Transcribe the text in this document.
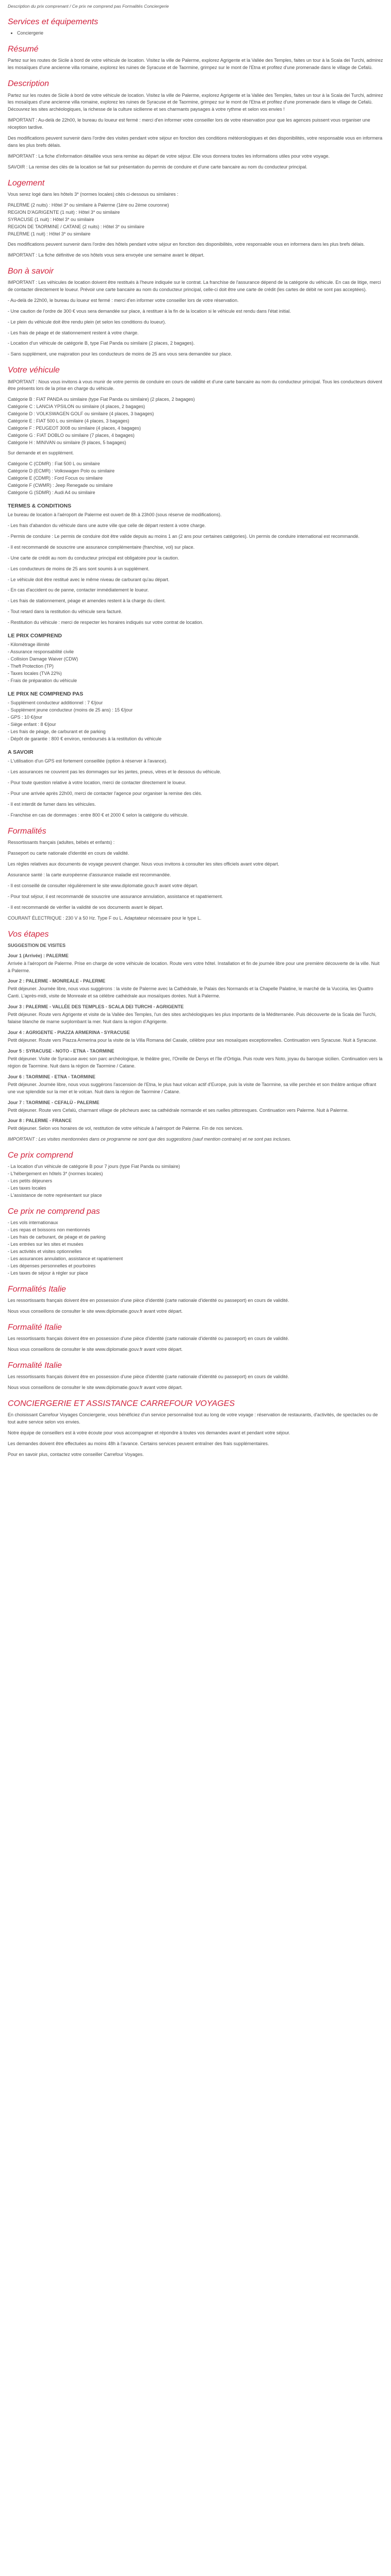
Description du prix comprenant / Ce prix ne comprend pas Formalités Conciergerie

Services et équipements
• Conciergerie
Résumé

Partez sur les routes de Sicile à bord de votre véhicule de location. Visitez la ville de Palerme, explorez Agrigente et la Vallée des Temples, faites un tour à la Scala dei Turchi, admirez les mosaïques d'une ancienne villa romaine, explorez les ruines de Syracuse et de Taormine, grimpez sur le mont de l'Etna et profitez d'une promenade dans le village de Cefalù.

Description

Partez sur les routes de Sicile à bord de votre véhicule de location. Visitez la ville de Palerme, explorez Agrigente et la Vallée des Temples, faites un tour à la Scala dei Turchi, admirez les mosaïques d'une ancienne villa romaine, explorez les ruines de Syracuse et de Taormine, grimpez sur le mont de l'Etna et profitez d'une promenade dans le village de Cefalù. Découvrez les sites archéologiques, la richesse de la culture sicilienne et ses charmants paysages à votre rythme et selon vos envies !

IMPORTANT : Au-delà de 22h00, le bureau du loueur est fermé : merci d'en informer votre conseiller lors de votre réservation pour que les agences puissent vous organiser une réception tardive.

Des modifications peuvent survenir dans l'ordre des visites pendant votre séjour en fonction des conditions météorologiques et des disponibilités, votre responsable vous en informera dans les plus brefs délais.

IMPORTANT : La fiche d'information détaillée vous sera remise au départ de votre séjour. Elle vous donnera toutes les informations utiles pour votre voyage.

SAVOIR : La remise des clés de la location se fait sur présentation du permis de conduire et d'une carte bancaire au nom du conducteur principal.

Logement

Vous serez logé dans les hôtels 3* (normes locales) cités ci-dessous ou similaires :

PALERME (2 nuits) : Hôtel 3* ou similaire à Palerme (1ère ou 2ème couronne)
REGION D'AGRIGENTE (1 nuit) : Hôtel 3* ou similaire
SYRACUSE (1 nuit) : Hôtel 3* ou similaire
REGION DE TAORMINE / CATANE (2 nuits) : Hôtel 3* ou similaire
PALERME (1 nuit) : Hôtel 3* ou similaire

Des modifications peuvent survenir dans l'ordre des hôtels pendant votre séjour en fonction des disponibilités, votre responsable vous en informera dans les plus brefs délais.

IMPORTANT : La fiche définitive de vos hôtels vous sera envoyée une semaine avant le départ.

Bon à savoir

IMPORTANT : Les véhicules de location doivent être restitués à l'heure indiquée sur le contrat. La franchise de l'assurance dépend de la catégorie du véhicule. En cas de litige, merci de contacter directement le loueur. Prévoir une carte bancaire au nom du conducteur principal, celle-ci doit être une carte de crédit (les cartes de débit ne sont pas acceptées).

- Au-delà de 22h00, le bureau du loueur est fermé : merci d'en informer votre conseiller lors de votre réservation.

- Une caution de l'ordre de 300 € vous sera demandée sur place, à restituer à la fin de la location si le véhicule est rendu dans l'état initial.

- Le plein du véhicule doit être rendu plein (et selon les conditions du loueur).

- Les frais de péage et de stationnement restent à votre charge.

- Location d'un véhicule de catégorie B, type Fiat Panda ou similaire (2 places, 2 bagages).

- Sans supplément, une majoration pour les conducteurs de moins de 25 ans vous sera demandée sur place.

Votre véhicule

IMPORTANT : Nous vous invitons à vous munir de votre permis de conduire en cours de validité et d'une carte bancaire au nom du conducteur principal. Tous les conducteurs doivent être présents lors de la prise en charge du véhicule.

Catégorie B : FIAT PANDA ou similaire (type Fiat Panda ou similaire) (2 places, 2 bagages)
Catégorie C : LANCIA YPSILON ou similaire (4 places, 2 bagages)
Catégorie D : VOLKSWAGEN GOLF ou similaire (4 places, 3 bagages)
Catégorie E : FIAT 500 L ou similaire (4 places, 3 bagages)
Catégorie F : PEUGEOT 3008 ou similaire (4 places, 4 bagages)
Catégorie G : FIAT DOBLO ou similaire (7 places, 4 bagages)
Catégorie H : MINIVAN ou similaire (9 places, 5 bagages)

Sur demande et en supplément.

Catégorie C (CDMR) : Fiat 500 L ou similaire
Catégorie D (ECMR) : Volkswagen Polo ou similaire
Catégorie E (CDMR) : Ford Focus ou similaire
Catégorie F (CWMR) : Jeep Renegade ou similaire
Catégorie G (SDMR) : Audi A4 ou similaire
TERMES & CONDITIONS

Le bureau de location à l'aéroport de Palerme est ouvert de 8h à 23h00 (sous réserve de modifications).

- Les frais d'abandon du véhicule dans une autre ville que celle de départ restent à votre charge.

- Permis de conduire : Le permis de conduire doit être valide depuis au moins 1 an (2 ans pour certaines catégories). Un permis de conduire international est recommandé.

- Il est recommandé de souscrire une assurance complémentaire (franchise, vol) sur place.

- Une carte de crédit au nom du conducteur principal est obligatoire pour la caution.

- Les conducteurs de moins de 25 ans sont soumis à un supplément.

- Le véhicule doit être restitué avec le même niveau de carburant qu'au départ.

- En cas d'accident ou de panne, contacter immédiatement le loueur.

- Les frais de stationnement, péage et amendes restent à la charge du client.

- Tout retard dans la restitution du véhicule sera facturé.

- Restitution du véhicule : merci de respecter les horaires indiqués sur votre contrat de location.

LE PRIX COMPREND
- Kilométrage illimité
- Assurance responsabilité civile
- Collision Damage Waiver (CDW)
- Theft Protection (TP)
- Taxes locales (TVA 22%)
- Frais de préparation du véhicule
LE PRIX NE COMPREND PAS
- Supplément conducteur additionnel : 7 €/jour
- Supplément jeune conducteur (moins de 25 ans) : 15 €/jour
- GPS : 10 €/jour
- Siège enfant : 8 €/jour
- Les frais de péage, de carburant et de parking
- Dépôt de garantie : 800 € environ, remboursés à la restitution du véhicule
A SAVOIR

- L'utilisation d'un GPS est fortement conseillée (option à réserver à l'avance).

- Les assurances ne couvrent pas les dommages sur les jantes, pneus, vitres et le dessous du véhicule.

- Pour toute question relative à votre location, merci de contacter directement le loueur.

- Pour une arrivée après 22h00, merci de contacter l'agence pour organiser la remise des clés.

- Il est interdit de fumer dans les véhicules.

- Franchise en cas de dommages : entre 800 € et 2000 € selon la catégorie du véhicule.

Formalités

Ressortissants français (adultes, bébés et enfants) :

Passeport ou carte nationale d'identité en cours de validité.

Les règles relatives aux documents de voyage peuvent changer. Nous vous invitons à consulter les sites officiels avant votre départ.

Assurance santé : la carte européenne d'assurance maladie est recommandée.

- Il est conseillé de consulter régulièrement le site www.diplomatie.gouv.fr avant votre départ.

- Pour tout séjour, il est recommandé de souscrire une assurance annulation, assistance et rapatriement.

- Il est recommandé de vérifier la validité de vos documents avant le départ.

COURANT ÉLECTRIQUE : 230 V à 50 Hz. Type F ou L. Adaptateur nécessaire pour le type L.

Vos étapes
SUGGESTION DE VISITES
Jour 1 (Arrivée) : PALERME

Arrivée à l'aéroport de Palerme. Prise en charge de votre véhicule de location. Route vers votre hôtel. Installation et fin de journée libre pour une première découverte de la ville. Nuit à Palerme.

Jour 2 : PALERME - MONREALE - PALERME

Petit déjeuner. Journée libre, nous vous suggérons : la visite de Palerme avec la Cathédrale, le Palais des Normands et la Chapelle Palatine, le marché de la Vucciria, les Quattro Canti. L'après-midi, visite de Monreale et sa célèbre cathédrale aux mosaïques dorées. Nuit à Palerme.

Jour 3 : PALERME - VALLÉE DES TEMPLES - SCALA DEI TURCHI - AGRIGENTE

Petit déjeuner. Route vers Agrigente et visite de la Vallée des Temples, l'un des sites archéologiques les plus importants de la Méditerranée. Puis découverte de la Scala dei Turchi, falaise blanche de marne surplombant la mer. Nuit dans la région d'Agrigente.

Jour 4 : AGRIGENTE - PIAZZA ARMERINA - SYRACUSE

Petit déjeuner. Route vers Piazza Armerina pour la visite de la Villa Romana del Casale, célèbre pour ses mosaïques exceptionnelles. Continuation vers Syracuse. Nuit à Syracuse.

Jour 5 : SYRACUSE - NOTO - ETNA - TAORMINE

Petit déjeuner. Visite de Syracuse avec son parc archéologique, le théâtre grec, l'Oreille de Denys et l'île d'Ortigia. Puis route vers Noto, joyau du baroque sicilien. Continuation vers la région de Taormine. Nuit dans la région de Taormine / Catane.

Jour 6 : TAORMINE - ETNA - TAORMINE

Petit déjeuner. Journée libre, nous vous suggérons l'ascension de l'Etna, le plus haut volcan actif d'Europe, puis la visite de Taormine, sa ville perchée et son théâtre antique offrant une vue splendide sur la mer et le volcan. Nuit dans la région de Taormine / Catane.

Jour 7 : TAORMINE - CEFALÙ - PALERME

Petit déjeuner. Route vers Cefalù, charmant village de pêcheurs avec sa cathédrale normande et ses ruelles pittoresques. Continuation vers Palerme. Nuit à Palerme.

Jour 8 : PALERME - FRANCE

Petit déjeuner. Selon vos horaires de vol, restitution de votre véhicule à l'aéroport de Palerme. Fin de nos services.

IMPORTANT : Les visites mentionnées dans ce programme ne sont que des suggestions (sauf mention contraire) et ne sont pas incluses.

Ce prix comprend
- La location d'un véhicule de catégorie B pour 7 jours (type Fiat Panda ou similaire)
- L'hébergement en hôtels 3* (normes locales)
- Les petits déjeuners
- Les taxes locales
- L'assistance de notre représentant sur place
Ce prix ne comprend pas
- Les vols internationaux
- Les repas et boissons non mentionnés
- Les frais de carburant, de péage et de parking
- Les entrées sur les sites et musées
- Les activités et visites optionnelles
- Les assurances annulation, assistance et rapatriement
- Les dépenses personnelles et pourboires
- Les taxes de séjour à régler sur place
Formalités Italie

Les ressortissants français doivent être en possession d'une pièce d'identité (carte nationale d'identité ou passeport) en cours de validité.

Nous vous conseillons de consulter le site www.diplomatie.gouv.fr avant votre départ.

Formalité Italie

Les ressortissants français doivent être en possession d'une pièce d'identité (carte nationale d'identité ou passeport) en cours de validité.

Nous vous conseillons de consulter le site www.diplomatie.gouv.fr avant votre départ.

Formalité Italie

Les ressortissants français doivent être en possession d'une pièce d'identité (carte nationale d'identité ou passeport) en cours de validité.

Nous vous conseillons de consulter le site www.diplomatie.gouv.fr avant votre départ.

CONCIERGERIE ET ASSISTANCE CARREFOUR VOYAGES

En choisissant Carrefour Voyages Conciergerie, vous bénéficiez d'un service personnalisé tout au long de votre voyage : réservation de restaurants, d'activités, de spectacles ou de tout autre service selon vos envies.

Notre équipe de conseillers est à votre écoute pour vous accompagner et répondre à toutes vos demandes avant et pendant votre séjour.

Les demandes doivent être effectuées au moins 48h à l'avance. Certains services peuvent entraîner des frais supplémentaires.

Pour en savoir plus, contactez votre conseiller Carrefour Voyages.
